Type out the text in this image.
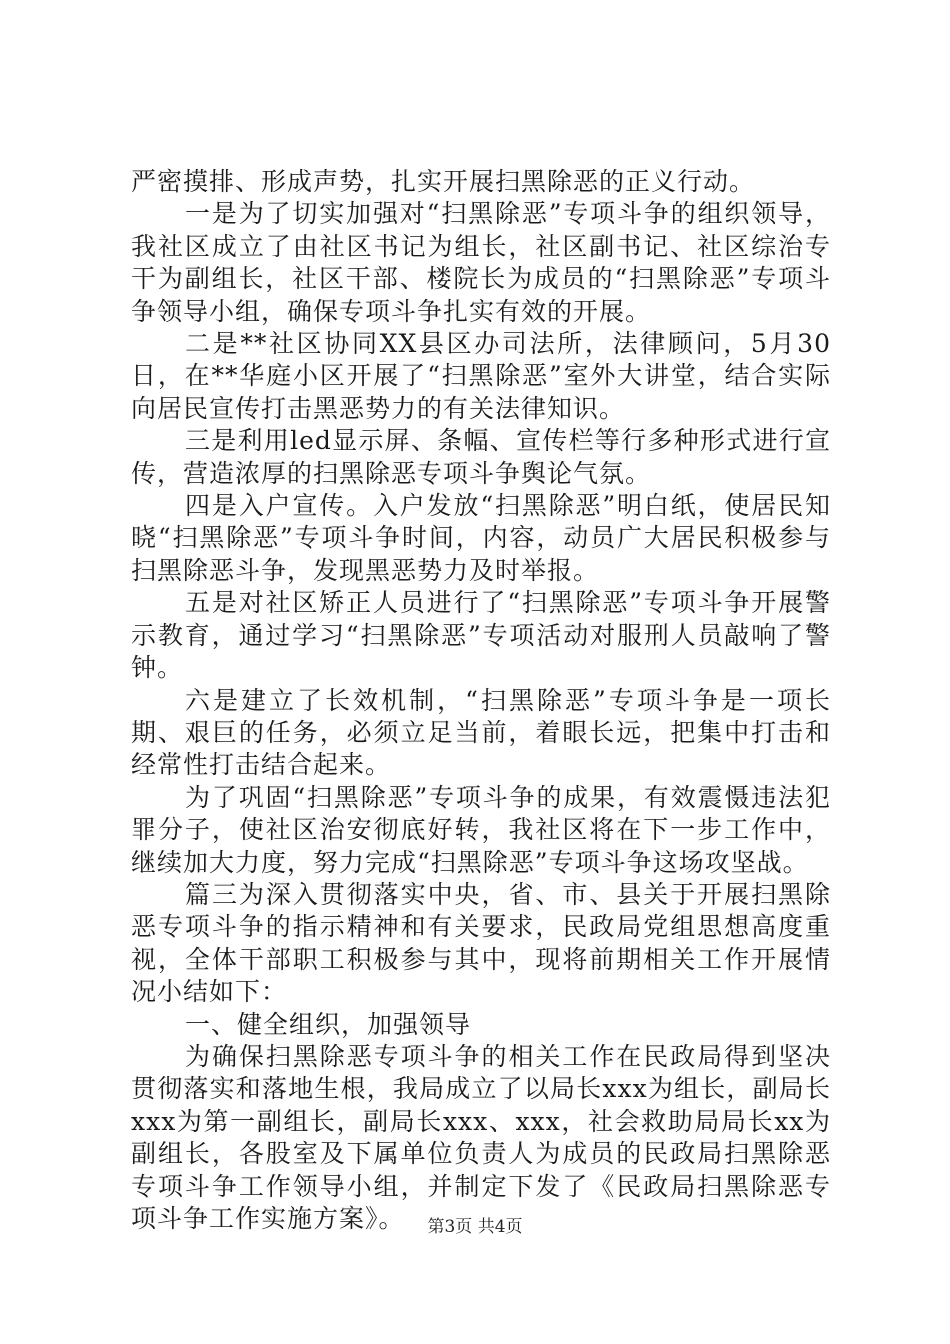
严密摸排、形成声势，扎实开展扫黑除恶的正义行动。

一是为了切实加强对“扫黑除恶”专项斗争的组织领导，我社区成立了由社区书记为组长，社区副书记、社区综治专干为副组长，社区干部、楼院长为成员的“扫黑除恶”专项斗争领导小组，确保专项斗争扎实有效的开展。

二是**社区协同XX县区办司法所，法律顾问，5月30日，在**华庭小区开展了“扫黑除恶”室外大讲堂，结合实际向居民宣传打击黑恶势力的有关法律知识。

三是利用led显示屏、条幅、宣传栏等行多种形式进行宣传，营造浓厚的扫黑除恶专项斗争舆论气氛。

四是入户宣传。入户发放“扫黑除恶”明白纸，使居民知晓“扫黑除恶”专项斗争时间，内容，动员广大居民积极参与扫黑除恶斗争，发现黑恶势力及时举报。

五是对社区矫正人员进行了“扫黑除恶”专项斗争开展警示教育，通过学习“扫黑除恶”专项活动对服刑人员敲响了警钟。

六是建立了长效机制，“扫黑除恶”专项斗争是一项长期、艰巨的任务，必须立足当前，着眼长远，把集中打击和经常性打击结合起来。

为了巩固“扫黑除恶”专项斗争的成果，有效震慑违法犯罪分子，使社区治安彻底好转，我社区将在下一步工作中，继续加大力度，努力完成“扫黑除恶”专项斗争这场攻坚战。

篇三为深入贯彻落实中央，省、市、县关于开展扫黑除恶专项斗争的指示精神和有关要求，民政局党组思想高度重视，全体干部职工积极参与其中，现将前期相关工作开展情况小结如下：

一、健全组织，加强领导

为确保扫黑除恶专项斗争的相关工作在民政局得到坚决贯彻落实和落地生根，我局成立了以局长xxx为组长，副局长xxx为第一副组长，副局长xxx、xxx，社会救助局局长xx为副组长，各股室及下属单位负责人为成员的民政局扫黑除恶专项斗争工作领导小组，并制定下发了《民政局扫黑除恶专项斗争工作实施方案》。	第3页 共4页
